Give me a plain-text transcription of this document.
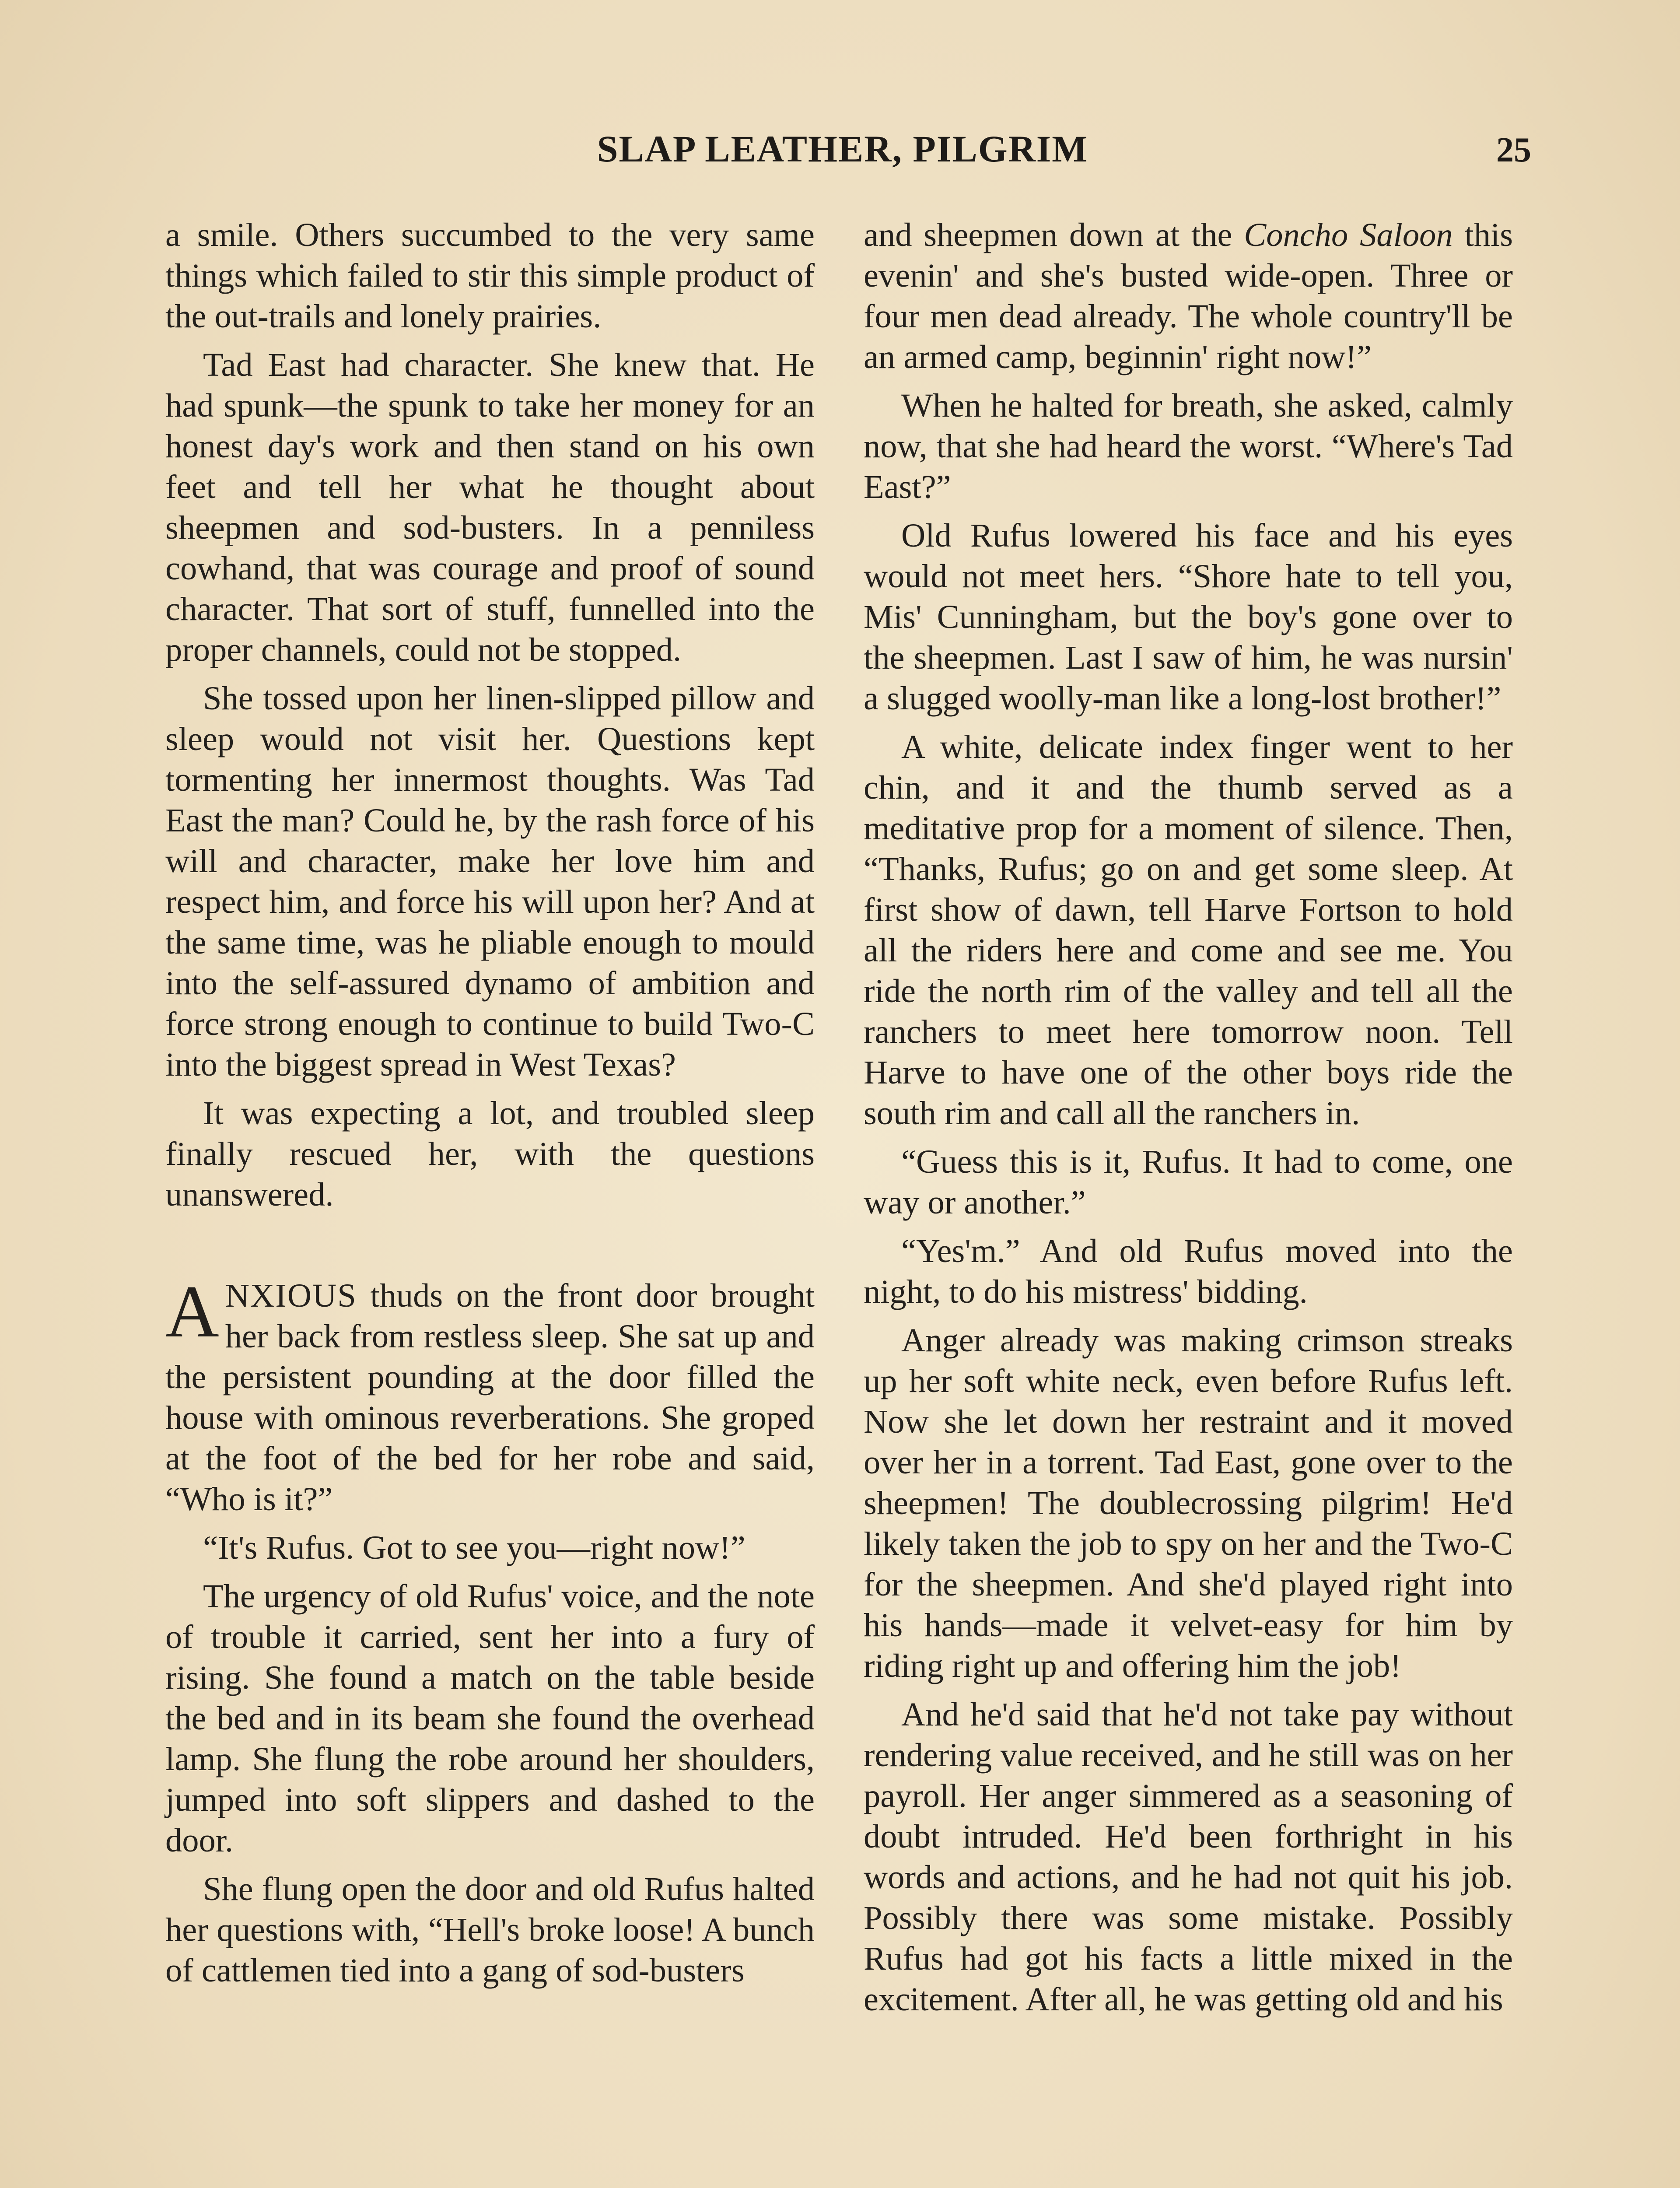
SLAP LEATHER, PILGRIM	25

a smile. Others succumbed to the very same things which failed to stir this simple product of the out-trails and lonely prairies.

Tad East had character. She knew that. He had spunk—the spunk to take her money for an honest day's work and then stand on his own feet and tell her what he thought about sheepmen and sod-busters. In a penniless cowhand, that was courage and proof of sound character. That sort of stuff, funnelled into the proper channels, could not be stopped.

She tossed upon her linen-slipped pillow and sleep would not visit her. Questions kept tormenting her innermost thoughts. Was Tad East the man? Could he, by the rash force of his will and character, make her love him and respect him, and force his will upon her? And at the same time, was he pliable enough to mould into the self-assured dynamo of ambition and force strong enough to continue to build Two-C into the biggest spread in West Texas?

It was expecting a lot, and troubled sleep finally rescued her, with the questions unanswered.

ANXIOUS thuds on the front door brought her back from restless sleep. She sat up and the persistent pounding at the door filled the house with ominous reverberations. She groped at the foot of the bed for her robe and said, “Who is it?”

“It's Rufus. Got to see you—right now!”

The urgency of old Rufus' voice, and the note of trouble it carried, sent her into a fury of rising. She found a match on the table beside the bed and in its beam she found the overhead lamp. She flung the robe around her shoulders, jumped into soft slippers and dashed to the door.

She flung open the door and old Rufus halted her questions with, “Hell's broke loose! A bunch of cattlemen tied into a gang of sod-busters

and sheepmen down at the Concho Saloon this evenin' and she's busted wide-open. Three or four men dead already. The whole country'll be an armed camp, beginnin' right now!”

When he halted for breath, she asked, calmly now, that she had heard the worst. “Where's Tad East?”

Old Rufus lowered his face and his eyes would not meet hers. “Shore hate to tell you, Mis' Cunningham, but the boy's gone over to the sheepmen. Last I saw of him, he was nursin' a slugged woolly-man like a long-lost brother!”

A white, delicate index finger went to her chin, and it and the thumb served as a meditative prop for a moment of silence. Then, “Thanks, Rufus; go on and get some sleep. At first show of dawn, tell Harve Fortson to hold all the riders here and come and see me. You ride the north rim of the valley and tell all the ranchers to meet here tomorrow noon. Tell Harve to have one of the other boys ride the south rim and call all the ranchers in.

“Guess this is it, Rufus. It had to come, one way or another.”

“Yes'm.” And old Rufus moved into the night, to do his mistress' bidding.

Anger already was making crimson streaks up her soft white neck, even before Rufus left. Now she let down her restraint and it moved over her in a torrent. Tad East, gone over to the sheepmen! The doublecrossing pilgrim! He'd likely taken the job to spy on her and the Two-C for the sheepmen. And she'd played right into his hands—made it velvet-easy for him by riding right up and offering him the job!

And he'd said that he'd not take pay without rendering value received, and he still was on her payroll. Her anger simmered as a seasoning of doubt intruded. He'd been forthright in his words and actions, and he had not quit his job. Possibly there was some mistake. Possibly Rufus had got his facts a little mixed in the excitement. After all, he was getting old and his
